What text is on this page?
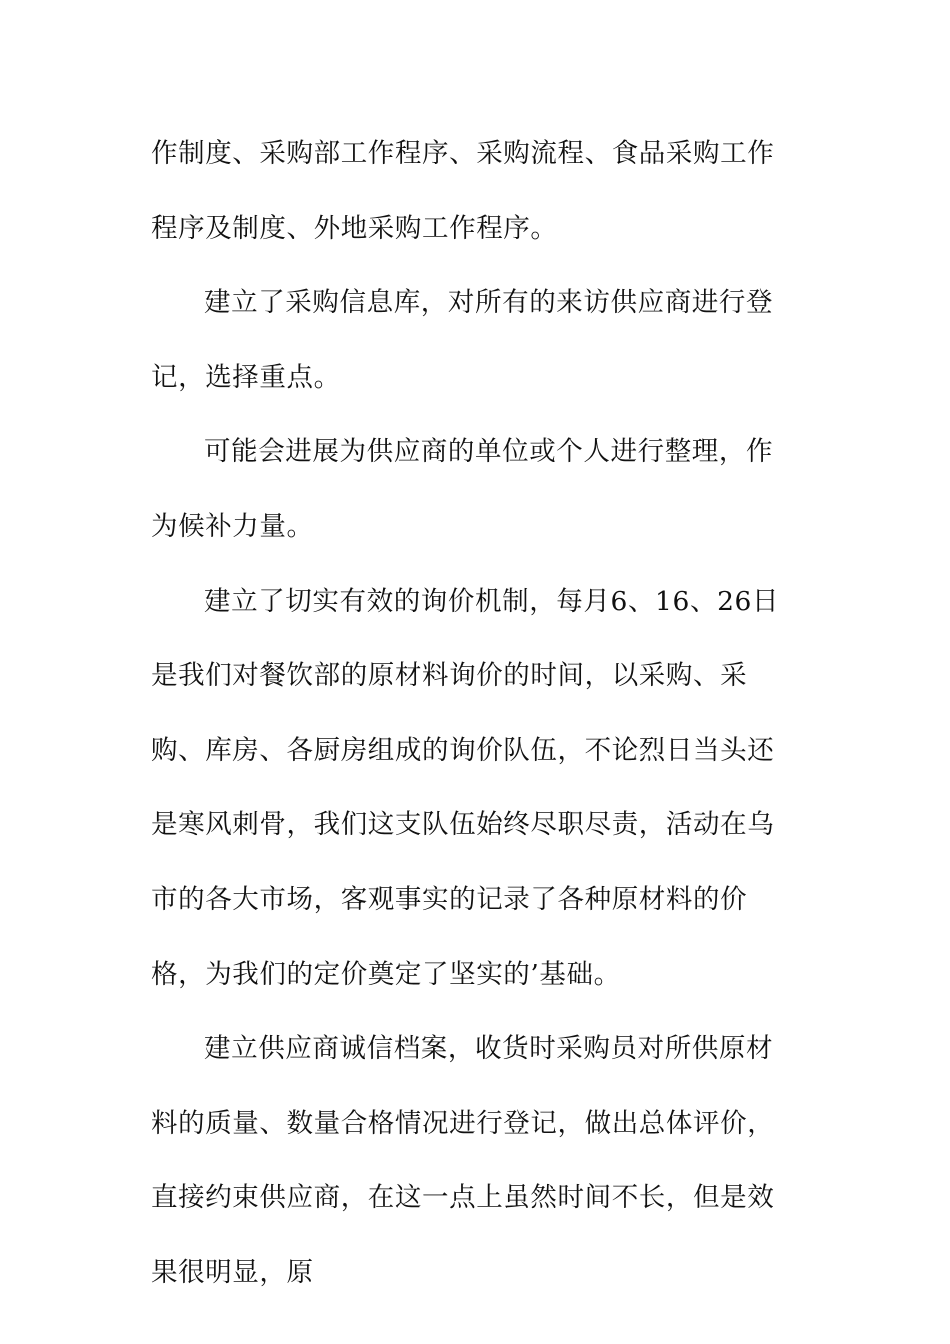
作制度、采购部工作程序、采购流程、食品采购工作程序及制度、外地采购工作程序。

建立了采购信息库，对所有的来访供应商进行登记，选择重点。

可能会进展为供应商的单位或个人进行整理，作为候补力量。

建立了切实有效的询价机制，每月6、16、26日是我们对餐饮部的原材料询价的时间，以采购、采购、库房、各厨房组成的询价队伍，不论烈日当头还是寒风刺骨，我们这支队伍始终尽职尽责，活动在乌市的各大市场，客观事实的记录了各种原材料的价格，为我们的定价奠定了坚实的’基础。

建立供应商诚信档案，收货时采购员对所供原材料的质量、数量合格情况进行登记，做出总体评价，直接约束供应商，在这一点上虽然时间不长，但是效果很明显，原
